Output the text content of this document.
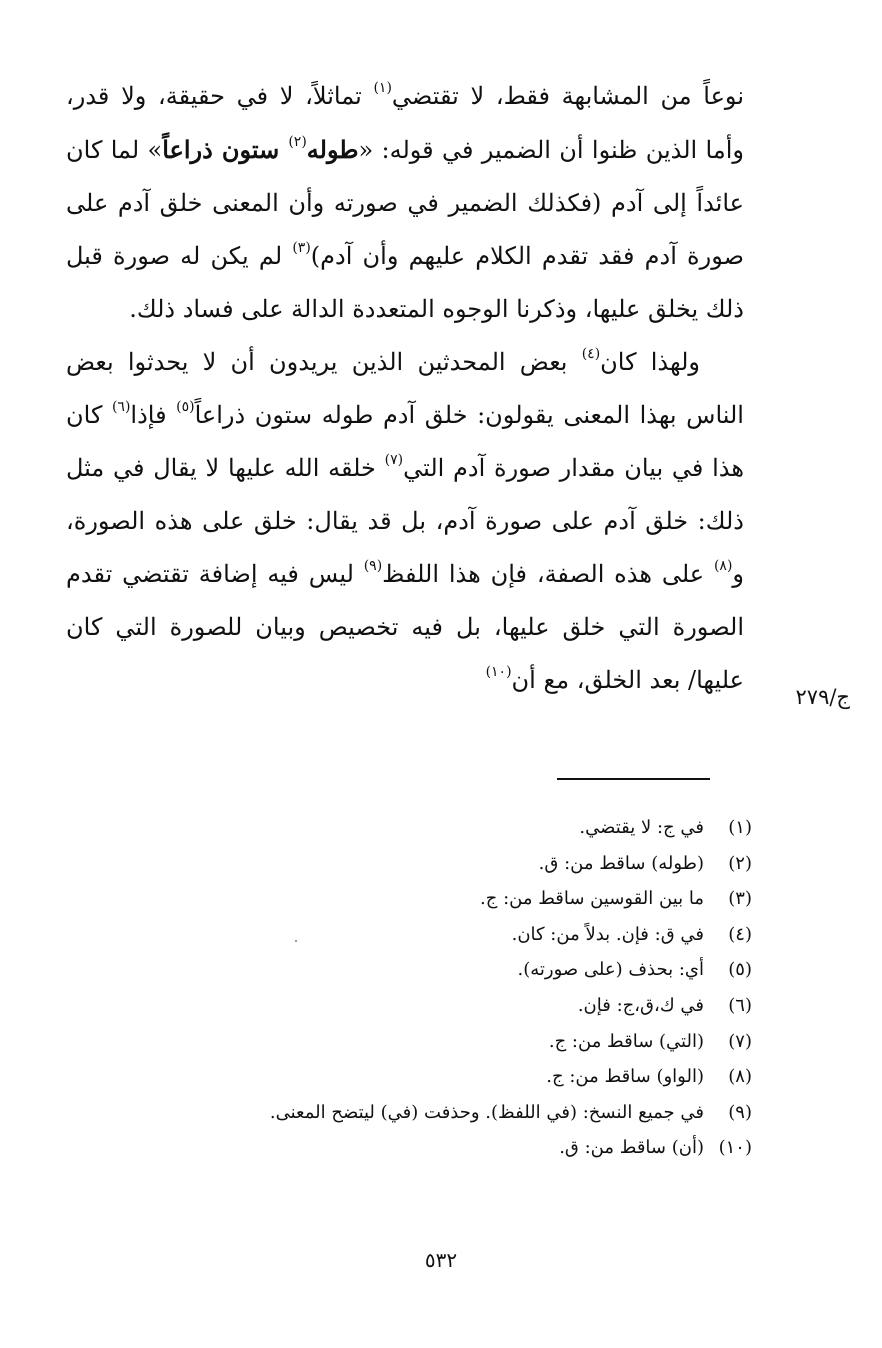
نوعاً من المشابهة فقط، لا تقتضي$^{(١)}$ تماثلاً، لا في حقيقة، ولا قدر، وأما الذين ظنوا أن الضمير في قوله: «طوله$^{(٢)}$ ستون ذراعاً» لما كان عائداً إلى آدم (فكذلك الضمير في صورته وأن المعنى خلق آدم على صورة آدم فقد تقدم الكلام عليهم وأن آدم)$^{(٣)}$ لم يكن له صورة قبل ذلك يخلق عليها، وذكرنا الوجوه المتعددة الدالة على فساد ذلك.

ولهذا كان$^{(٤)}$ بعض المحدثين الذين يريدون أن لا يحدثوا بعض الناس بهذا المعنى يقولون: خلق آدم طوله ستون ذراعاً$^{(٥)}$ فإذا$^{(٦)}$ كان هذا في بيان مقدار صورة آدم التي$^{(٧)}$ خلقه الله عليها لا يقال في مثل ذلك: خلق آدم على صورة آدم، بل قد يقال: خلق على هذه الصورة، و$^{(٨)}$ على هذه الصفة، فإن هذا اللفظ$^{(٩)}$ ليس فيه إضافة تقتضي تقدم الصورة التي خلق عليها، بل فيه تخصيص وبيان للصورة التي كان عليها/ بعد الخلق، مع أن$^{(١٠)}$

ج/٢٧٩
(١)في ج: لا يقتضي.
(٢)(طوله) ساقط من: ق.
(٣)ما بين القوسين ساقط من: ج.
(٤)في ق: فإن. بدلاً من: كان.
(٥)أي: بحذف (على صورته).
(٦)في ك،ق،ج: فإن.
(٧)(التي) ساقط من: ج.
(٨)(الواو) ساقط من: ج.
(٩)في جميع النسخ: (في اللفظ). وحذفت (في) ليتضح المعنى.
(١٠)(أن) ساقط من: ق.
٥٣٢
